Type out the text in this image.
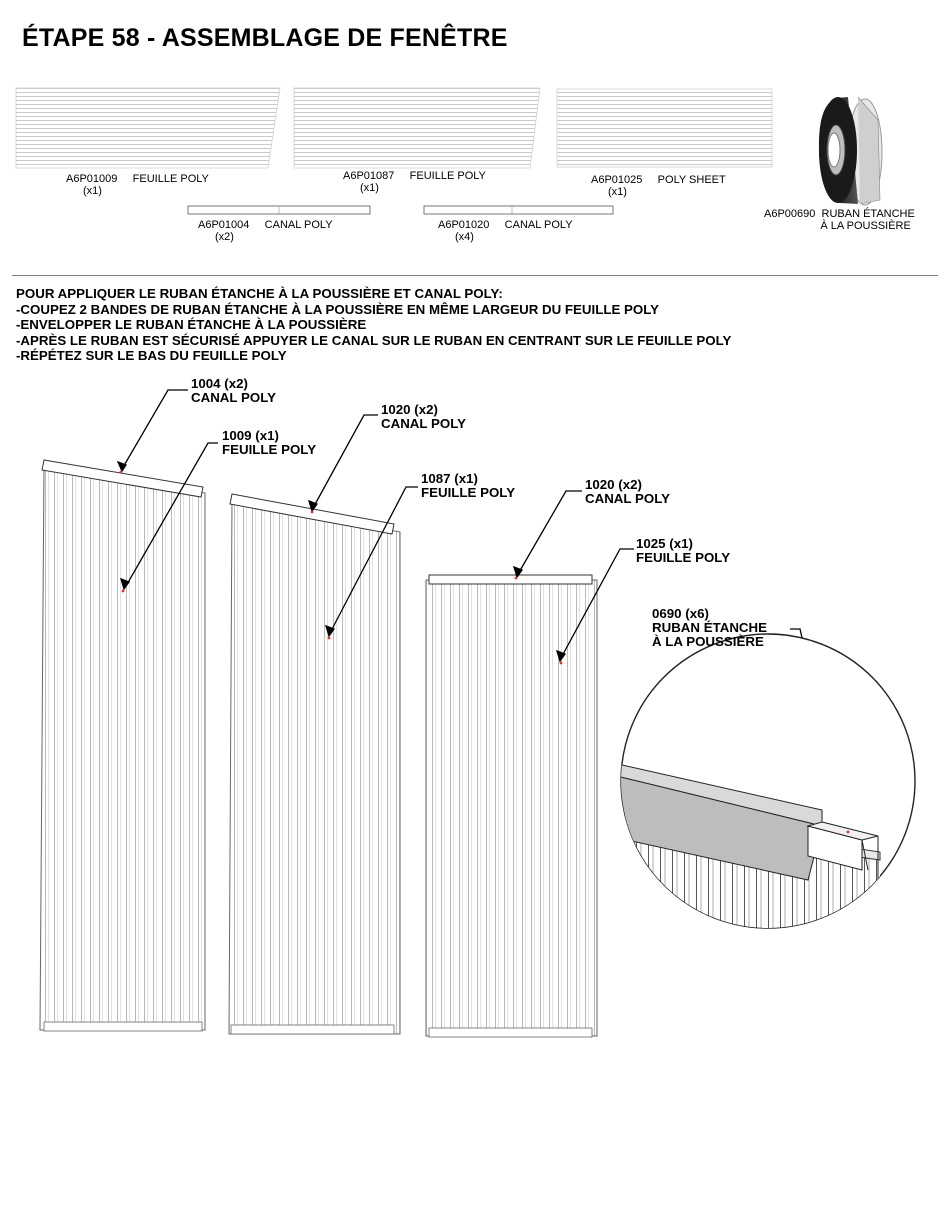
ÉTAPE 58 - ASSEMBLAGE DE FENÊTRE
A6P01009 FEUILLE POLY
(x1)
A6P01087 FEUILLE POLY
(x1)
A6P01025 POLY SHEET
(x1)
A6P01004 CANAL POLY
(x2)
A6P01020 CANAL POLY
(x4)
A6P00690 RUBAN ÉTANCHE
À LA POUSSIÈRE
POUR APPLIQUER LE RUBAN ÉTANCHE À LA POUSSIÈRE ET CANAL POLY:
-COUPEZ 2 BANDES DE RUBAN ÉTANCHE À LA POUSSIÈRE EN MÊME LARGEUR DU FEUILLE POLY
-ENVELOPPER LE RUBAN ÉTANCHE À LA POUSSIÈRE
-APRÈS LE RUBAN EST SÉCURISÉ APPUYER LE CANAL SUR LE RUBAN EN CENTRANT SUR LE FEUILLE POLY
-RÉPÉTEZ SUR LE BAS DU FEUILLE POLY
1004 (x2)
CANAL POLY
1009 (x1)
FEUILLE POLY
1020 (x2)
CANAL POLY
1087 (x1)
FEUILLE POLY
1020 (x2)
CANAL POLY
1025 (x1)
FEUILLE POLY
0690 (x6)
RUBAN ÉTANCHE
À LA POUSSIÈRE
